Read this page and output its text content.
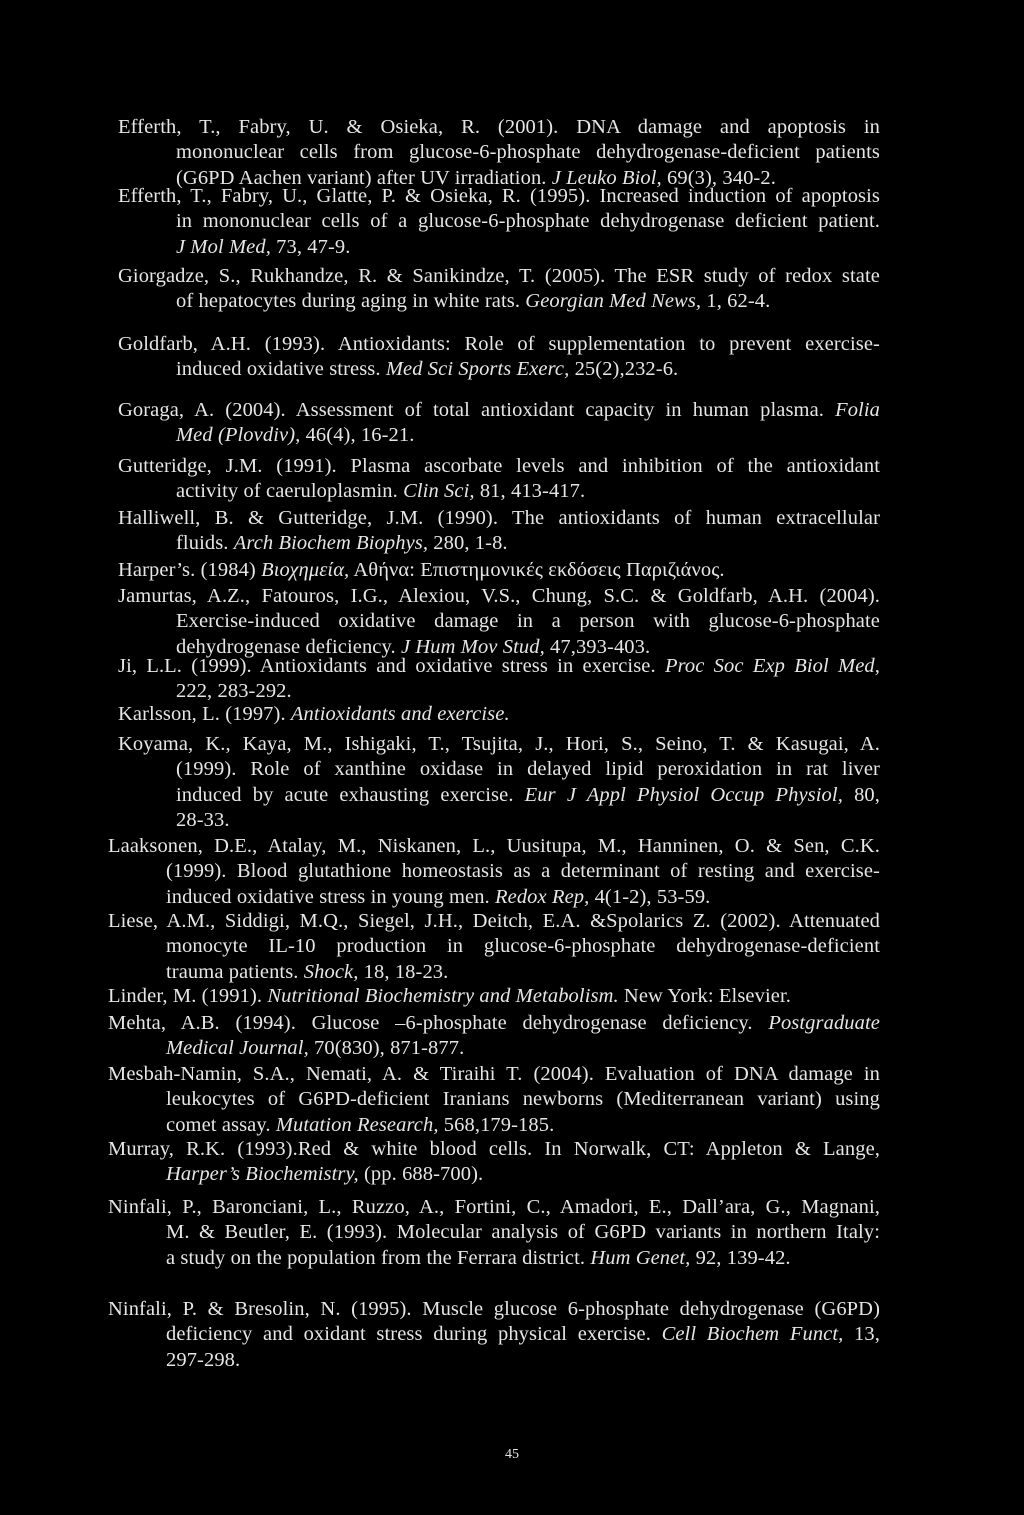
Efferth, T., Fabry, U. & Osieka, R. (2001). DNA damage and apoptosis in
mononuclear cells from glucose-6-phosphate dehydrogenase-deficient patients
(G6PD Aachen variant) after UV irradiation. J Leuko Biol, 69(3), 340-2.
Efferth, T., Fabry, U., Glatte, P. & Osieka, R. (1995). Increased induction of apoptosis
in mononuclear cells of a glucose-6-phosphate dehydrogenase deficient patient.
J Mol Med, 73, 47-9.
Giorgadze, S., Rukhandze, R. & Sanikindze, T. (2005). The ESR study of redox state
of hepatocytes during aging in white rats. Georgian Med News, 1, 62-4.
Goldfarb, A.H. (1993). Antioxidants: Role of supplementation to prevent exercise-
induced oxidative stress. Med Sci Sports Exerc, 25(2),232-6.
Goraga, A. (2004). Assessment of total antioxidant capacity in human plasma. Folia
Med (Plovdiv), 46(4), 16-21.
Gutteridge, J.M. (1991). Plasma ascorbate levels and inhibition of the antioxidant
activity of caeruloplasmin. Clin Sci, 81, 413-417.
Halliwell, B. & Gutteridge, J.M. (1990). The antioxidants of human extracellular
fluids. Arch Biochem Biophys, 280, 1-8.
Harper’s. (1984) Βιοχημεία, Αθήνα: Επιστημονικές εκδόσεις Παριζιάνος.
Jamurtas, A.Z., Fatouros, I.G., Alexiou, V.S., Chung, S.C. & Goldfarb, A.H. (2004).
Exercise-induced oxidative damage in a person with glucose-6-phosphate
dehydrogenase deficiency. J Hum Mov Stud, 47,393-403.
Ji, L.L. (1999). Antioxidants and oxidative stress in exercise. Proc Soc Exp Biol Med,
222, 283-292.
Karlsson, L. (1997). Antioxidants and exercise.
Koyama, K., Kaya, M., Ishigaki, T., Tsujita, J., Hori, S., Seino, T. & Kasugai, A.
(1999). Role of xanthine oxidase in delayed lipid peroxidation in rat liver
induced by acute exhausting exercise. Eur J Appl Physiol Occup Physiol, 80,
28-33.
Laaksonen, D.E., Atalay, M., Niskanen, L., Uusitupa, M., Hanninen, O. & Sen, C.K.
(1999). Blood glutathione homeostasis as a determinant of resting and exercise-
induced oxidative stress in young men. Redox Rep, 4(1-2), 53-59.
Liese, A.M., Siddigi, M.Q., Siegel, J.H., Deitch, E.A. &Spolarics Z. (2002). Attenuated
monocyte IL-10 production in glucose-6-phosphate dehydrogenase-deficient
trauma patients. Shock, 18, 18-23.
Linder, M. (1991). Nutritional Biochemistry and Metabolism. New York: Elsevier.
Mehta, A.B. (1994). Glucose –6-phosphate dehydrogenase deficiency. Postgraduate
Medical Journal, 70(830), 871-877.
Mesbah-Namin, S.A., Nemati, A. & Tiraihi T. (2004). Evaluation of DNA damage in
leukocytes of G6PD-deficient Iranians newborns (Mediterranean variant) using
comet assay. Mutation Research, 568,179-185.
Murray, R.K. (1993).Red & white blood cells. In Norwalk, CT: Appleton & Lange,
Harper’s Biochemistry, (pp. 688-700).
Ninfali, P., Baronciani, L., Ruzzo, A., Fortini, C., Amadori, E., Dall’ara, G., Magnani,
M. & Beutler, E. (1993). Molecular analysis of G6PD variants in northern Italy:
a study on the population from the Ferrara district. Hum Genet, 92, 139-42.
Ninfali, P. & Bresolin, N. (1995). Muscle glucose 6-phosphate dehydrogenase (G6PD)
deficiency and oxidant stress during physical exercise. Cell Biochem Funct, 13,
297-298.
45
